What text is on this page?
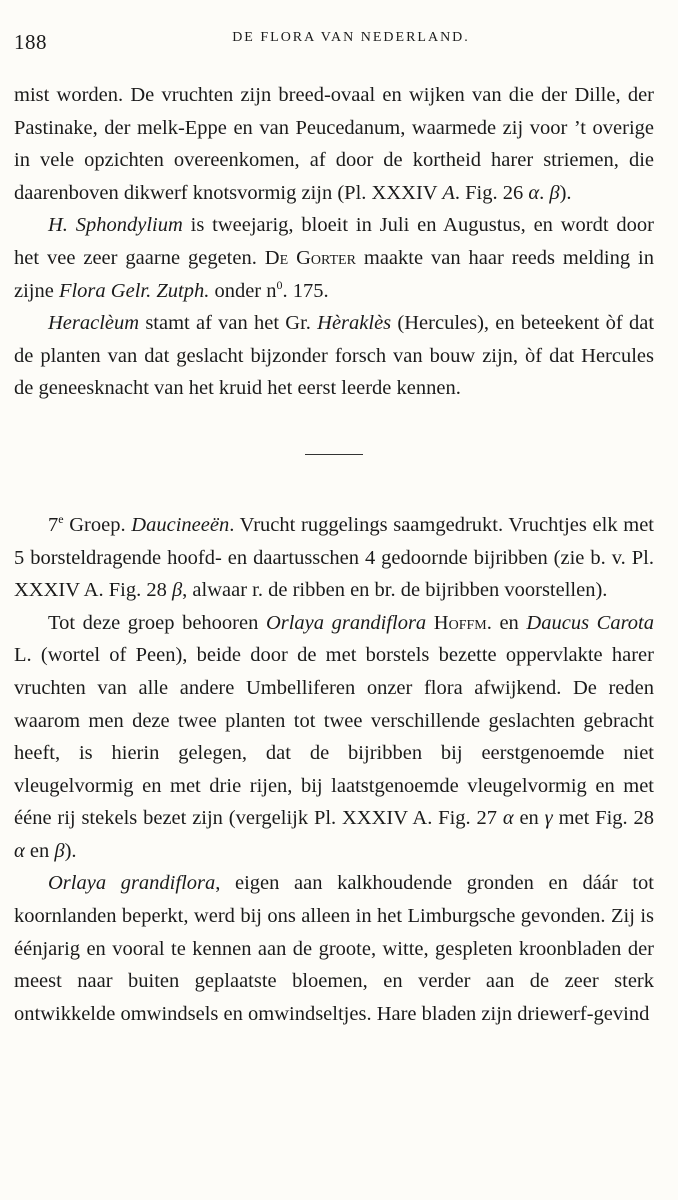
188	DE FLORA VAN NEDERLAND.

mist worden. De vruchten zijn breed-ovaal en wijken van die der Dille, der Pastinake, der melk-Eppe en van Peucedanum, waarmede zij voor ’t overige in vele opzichten overeenkomen, af door de kortheid harer striemen, die daarenboven dikwerf knotsvormig zijn (Pl. XXXIV A. Fig. 26 α. β).

H. Sphondylium is tweejarig, bloeit in Juli en Augustus, en wordt door het vee zeer gaarne gegeten. De Gorter maakte van haar reeds melding in zijne Flora Gelr. Zutph. onder $n^0$. 175.

Heraclèum stamt af van het Gr. Hèraklès (Hercules), en beteekent òf dat de planten van dat geslacht bijzonder forsch van bouw zijn, òf dat Hercules de geneesknacht van het kruid het eerst leerde kennen.

7e Groep. Daucineeën. Vrucht ruggelings saamgedrukt. Vruchtjes elk met 5 borsteldragende hoofd- en daartusschen 4 gedoornde bijribben (zie b. v. Pl. XXXIV A. Fig. 28 β, alwaar r. de ribben en br. de bijribben voorstellen).

Tot deze groep behooren Orlaya grandiflora Hoffm. en Daucus Carota L. (wortel of Peen), beide door de met borstels bezette oppervlakte harer vruchten van alle andere Umbelliferen onzer flora afwijkend. De reden waarom men deze twee planten tot twee verschillende geslachten gebracht heeft, is hierin gelegen, dat de bijribben bij eerstgenoemde niet vleugelvormig en met drie rijen, bij laatstgenoemde vleugelvormig en met éénе rij stekels bezet zijn (vergelijk Pl. XXXIV A. Fig. 27 α en γ met Fig. 28 α en β).

Orlaya grandiflora, eigen aan kalkhoudende gronden en dáár tot koornlanden beperkt, werd bij ons alleen in het Limburgsche gevonden. Zij is éénjarig en vooral te kennen aan de groote, witte, gespleten kroonbladen der meest naar buiten geplaatste bloemen, en verder aan de zeer sterk ontwikkelde omwindsels en omwindseltjes. Hare bladen zijn driewerf-gevind
